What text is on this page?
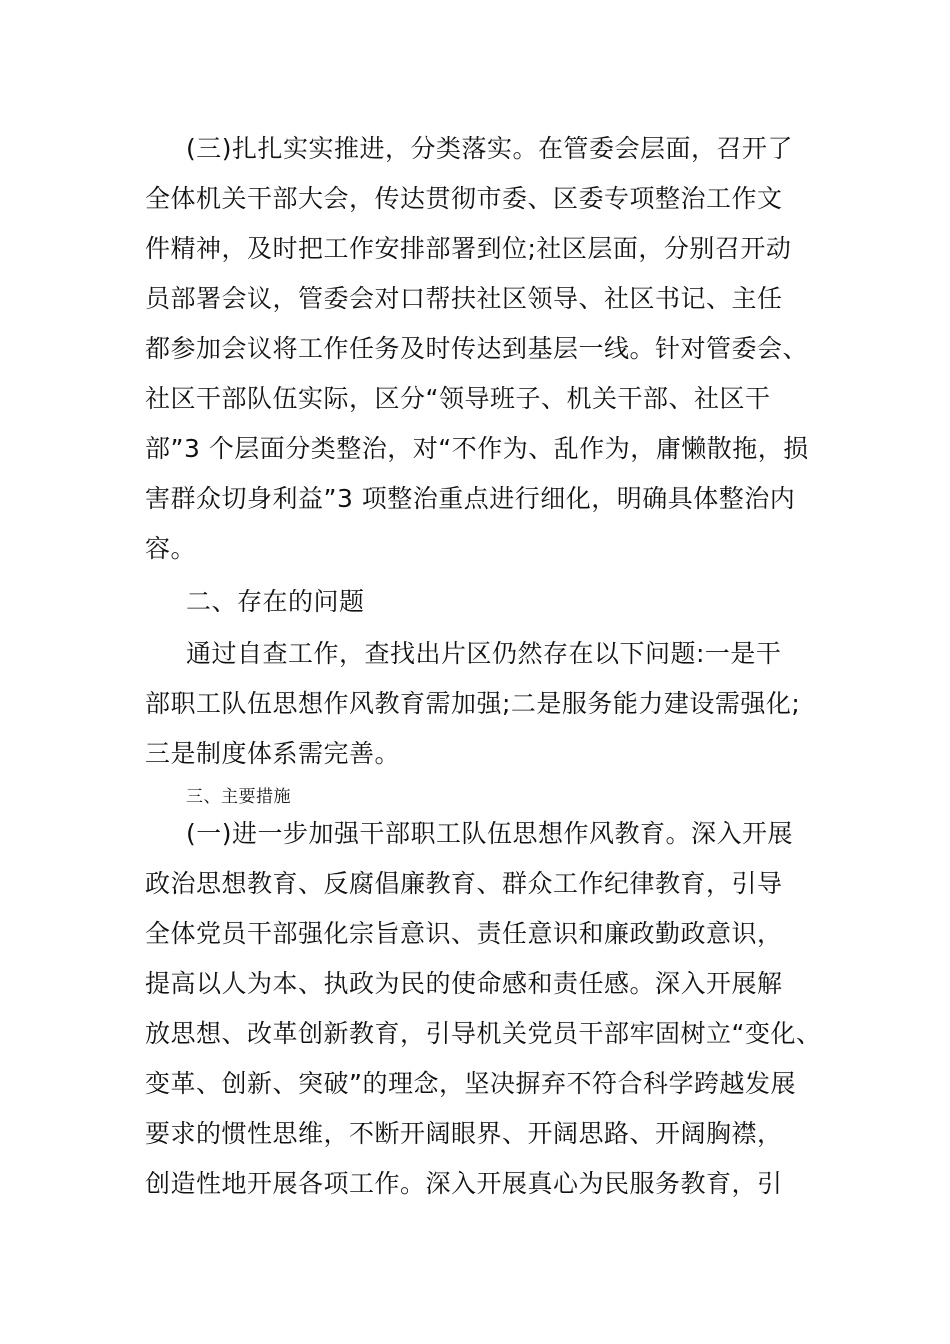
(三)扎扎实实推进，分类落实。在管委会层面，召开了
全体机关干部大会，传达贯彻市委、区委专项整治工作文
件精神，及时把工作安排部署到位;社区层面，分别召开动
员部署会议，管委会对口帮扶社区领导、社区书记、主任
都参加会议将工作任务及时传达到基层一线。针对管委会、
社区干部队伍实际，区分“领导班子、机关干部、社区干
部”3 个层面分类整治，对“不作为、乱作为，庸懒散拖，损
害群众切身利益”3 项整治重点进行细化，明确具体整治内
容。
二、存在的问题
通过自查工作，查找出片区仍然存在以下问题:一是干
部职工队伍思想作风教育需加强;二是服务能力建设需强化;
三是制度体系需完善。
三、主要措施
(一)进一步加强干部职工队伍思想作风教育。深入开展
政治思想教育、反腐倡廉教育、群众工作纪律教育，引导
全体党员干部强化宗旨意识、责任意识和廉政勤政意识，
提高以人为本、执政为民的使命感和责任感。深入开展解
放思想、改革创新教育，引导机关党员干部牢固树立“变化、
变革、创新、突破”的理念，坚决摒弃不符合科学跨越发展
要求的惯性思维，不断开阔眼界、开阔思路、开阔胸襟，
创造性地开展各项工作。深入开展真心为民服务教育，引
